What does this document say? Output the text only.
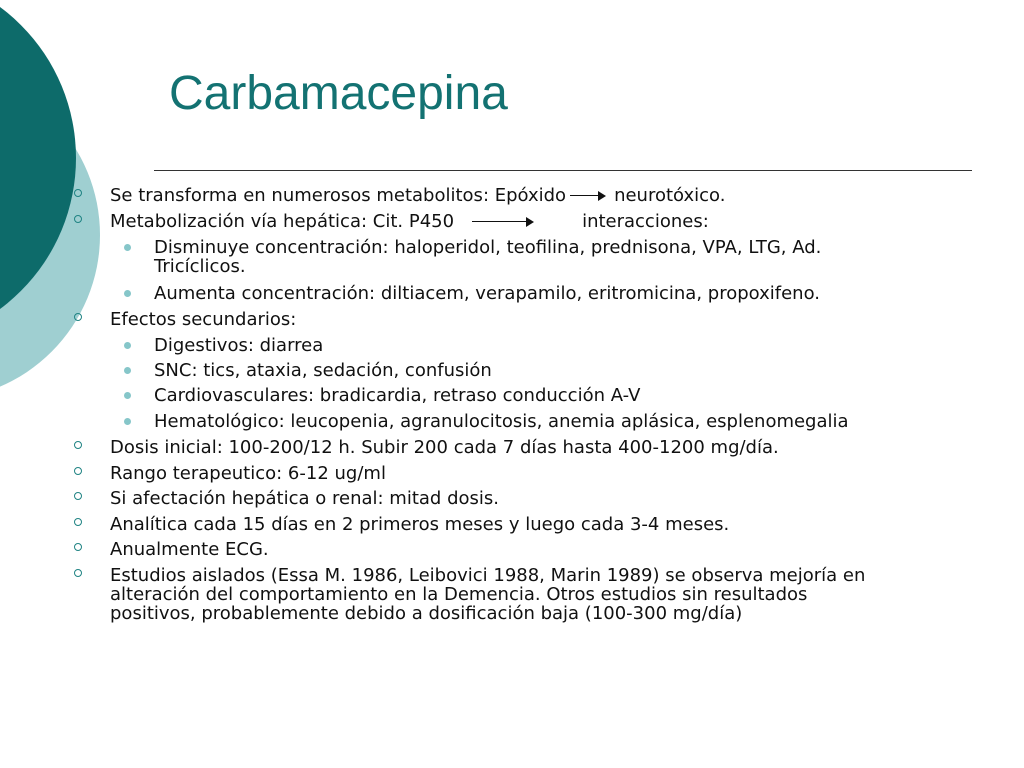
Carbamacepina
Se transforma en numerosos metabolitos: Epóxido	neurotóxico.
Metabolización vía hepática: Cit. P450	interacciones:
Disminuye concentración: haloperidol, teofilina, prednisona, VPA, LTG, Ad.
Tricíclicos.
Aumenta concentración: diltiacem, verapamilo, eritromicina, propoxifeno.
Efectos secundarios:
Digestivos: diarrea
SNC: tics, ataxia, sedación, confusión
Cardiovasculares: bradicardia, retraso conducción A-V
Hematológico: leucopenia, agranulocitosis, anemia aplásica, esplenomegalia
Dosis inicial: 100-200/12 h. Subir 200 cada 7 días hasta 400-1200 mg/día.
Rango terapeutico: 6-12 ug/ml
Si afectación hepática o renal: mitad dosis.
Analítica cada 15 días en 2 primeros meses y luego cada 3-4 meses.
Anualmente ECG.
Estudios aislados (Essa M. 1986, Leibovici 1988, Marin 1989) se observa mejoría en
alteración del comportamiento en la Demencia. Otros estudios sin resultados
positivos, probablemente debido a dosificación baja (100-300 mg/día)
